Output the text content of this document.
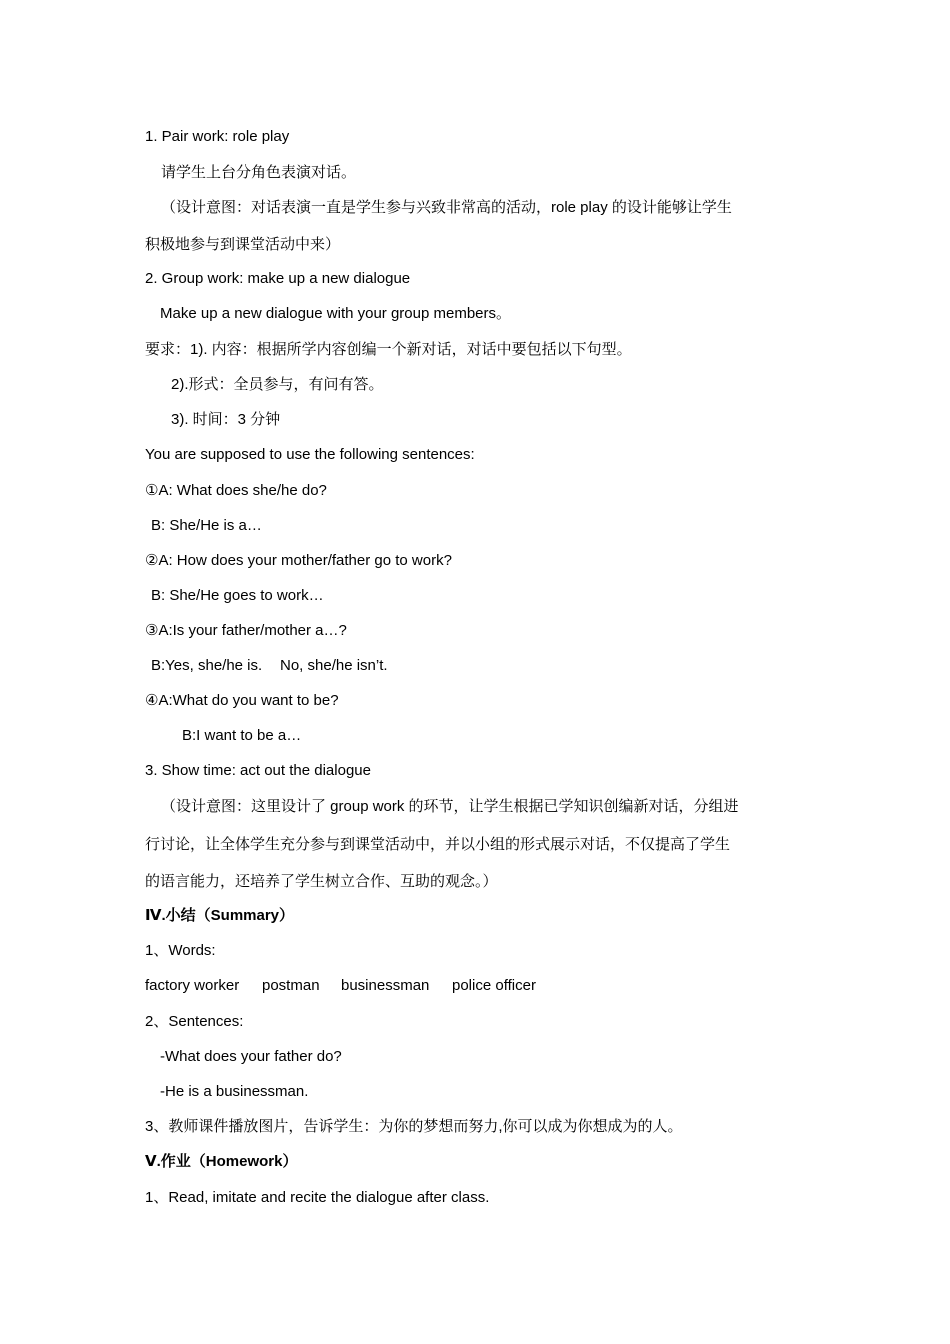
1. Pair work: role play
请学生上台分角色表演对话。
（设计意图：对话表演一直是学生参与兴致非常高的活动，role play 的设计能够让学生
积极地参与到课堂活动中来）
2. Group work: make up a new dialogue
Make up a new dialogue with your group members。
要求：1). 内容：根据所学内容创编一个新对话，对话中要包括以下句型。
2).形式：全员参与，有问有答。
3). 时间：3 分钟
You are supposed to use the following sentences:
①A: What does she/he do?
B: She/He is a…
②A: How does your mother/father go to work?
B: She/He goes to work…
③A:Is your father/mother a…?
B:Yes, she/he is. No, she/he isn’t.
④A:What do you want to be?
B:I want to be a…
3. Show time: act out the dialogue
（设计意图：这里设计了 group work 的环节，让学生根据已学知识创编新对话，分组进
行讨论，让全体学生充分参与到课堂活动中，并以小组的形式展示对话，不仅提高了学生
的语言能力，还培养了学生树立合作、互助的观念。）
Ⅳ.小结（Summary）
1、Words:
factory worker postman businessman police officer
2、Sentences:
-What does your father do?
-He is a businessman.
3、教师课件播放图片，告诉学生：为你的梦想而努力,你可以成为你想成为的人。
Ⅴ.作业（Homework）
1、Read, imitate and recite the dialogue after class.
